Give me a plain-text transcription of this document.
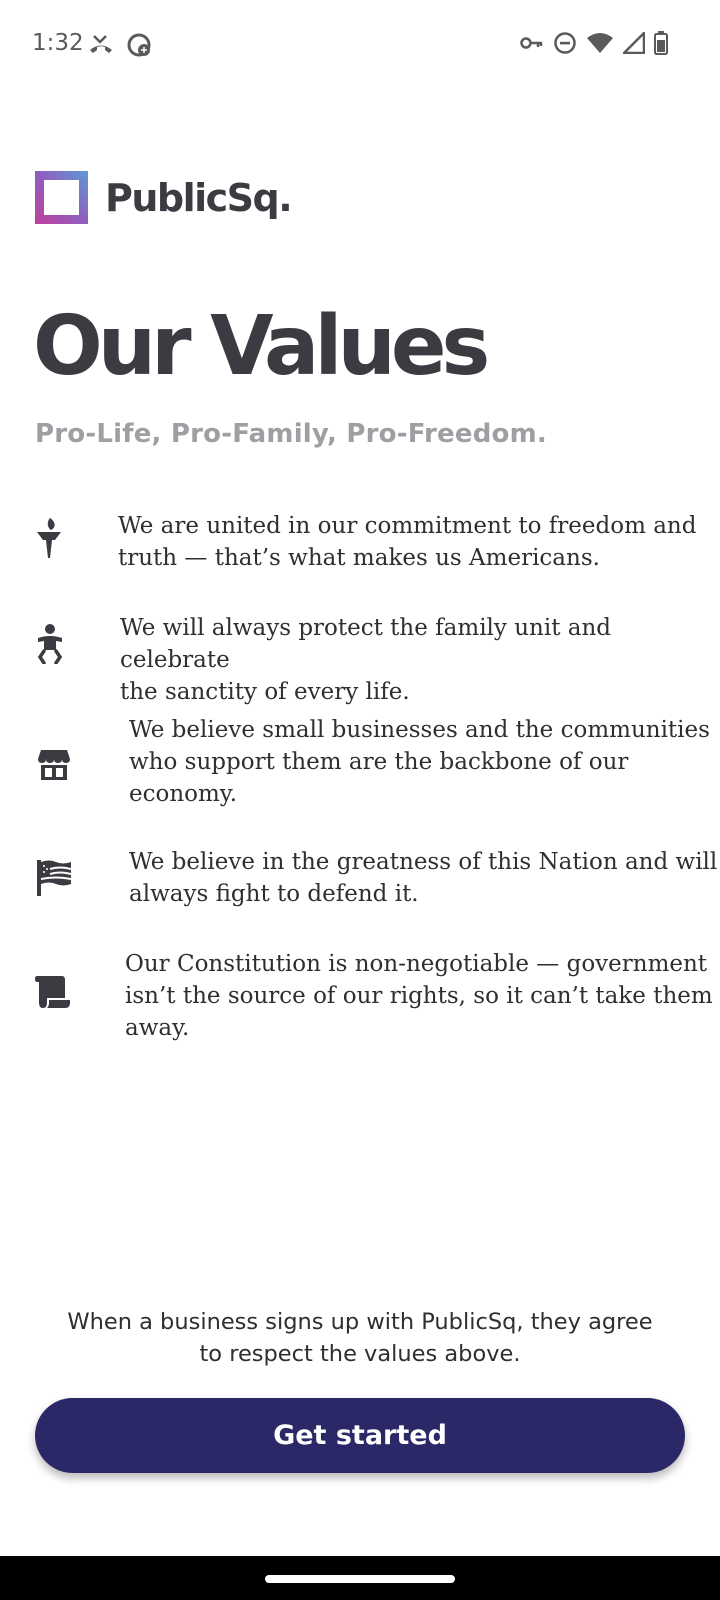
1:32
PublicSq.
Our Values

Pro-Life, Pro-Family, Pro-Freedom.

We are united in our commitment to freedom and
truth — that’s what makes us Americans.

We will always protect the family unit and celebrate
the sanctity of every life.

We believe small businesses and the communities
who support them are the backbone of our
economy.

We believe in the greatness of this Nation and will
always fight to defend it.

Our Constitution is non-negotiable — government
isn’t the source of our rights, so it can’t take them
away.

When a business signs up with PublicSq, they agree
to respect the values above.

Get started
